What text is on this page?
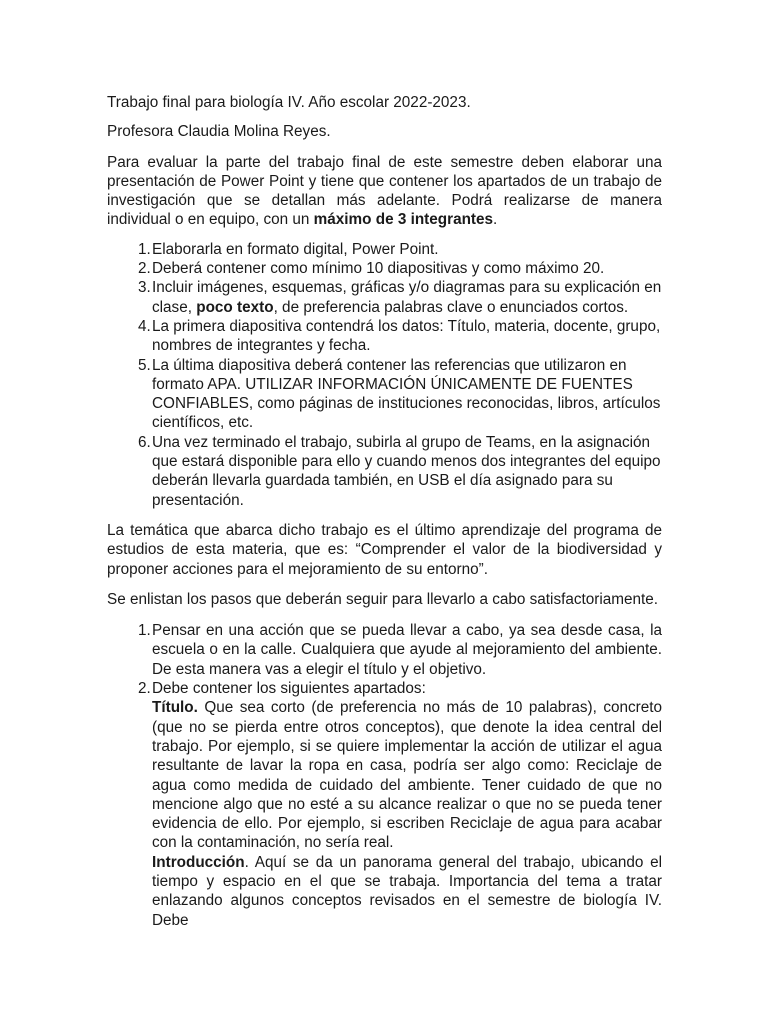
Trabajo final para biología IV. Año escolar 2022-2023.

Profesora Claudia Molina Reyes.

Para evaluar la parte del trabajo final de este semestre deben elaborar una presentación de Power Point y tiene que contener los apartados de un trabajo de investigación que se detallan más adelante. Podrá realizarse de manera individual o en equipo, con un máximo de 3 integrantes.

1. Elaborarla en formato digital, Power Point.
2. Deberá contener como mínimo 10 diapositivas y como máximo 20.
3. Incluir imágenes, esquemas, gráficas y/o diagramas para su explicación en clase, poco texto, de preferencia palabras clave o enunciados cortos.
4. La primera diapositiva contendrá los datos: Título, materia, docente, grupo, nombres de integrantes y fecha.
5. La última diapositiva deberá contener las referencias que utilizaron en formato APA. UTILIZAR INFORMACIÓN ÚNICAMENTE DE FUENTES CONFIABLES, como páginas de instituciones reconocidas, libros, artículos científicos, etc.
6. Una vez terminado el trabajo, subirla al grupo de Teams, en la asignación que estará disponible para ello y cuando menos dos integrantes del equipo deberán llevarla guardada también, en USB el día asignado para su presentación.

La temática que abarca dicho trabajo es el último aprendizaje del programa de estudios de esta materia, que es: “Comprender el valor de la biodiversidad y proponer acciones para el mejoramiento de su entorno”.

Se enlistan los pasos que deberán seguir para llevarlo a cabo satisfactoriamente.

1. Pensar en una acción que se pueda llevar a cabo, ya sea desde casa, la escuela o en la calle. Cualquiera que ayude al mejoramiento del ambiente. De esta manera vas a elegir el título y el objetivo.
2. Debe contener los siguientes apartados:

Título. Que sea corto (de preferencia no más de 10 palabras), concreto (que no se pierda entre otros conceptos), que denote la idea central del trabajo. Por ejemplo, si se quiere implementar la acción de utilizar el agua resultante de lavar la ropa en casa, podría ser algo como: Reciclaje de agua como medida de cuidado del ambiente. Tener cuidado de que no mencione algo que no esté a su alcance realizar o que no se pueda tener evidencia de ello. Por ejemplo, si escriben Reciclaje de agua para acabar con la contaminación, no sería real.

Introducción. Aquí se da un panorama general del trabajo, ubicando el tiempo y espacio en el que se trabaja. Importancia del tema a tratar enlazando algunos conceptos revisados en el semestre de biología IV. Debe
